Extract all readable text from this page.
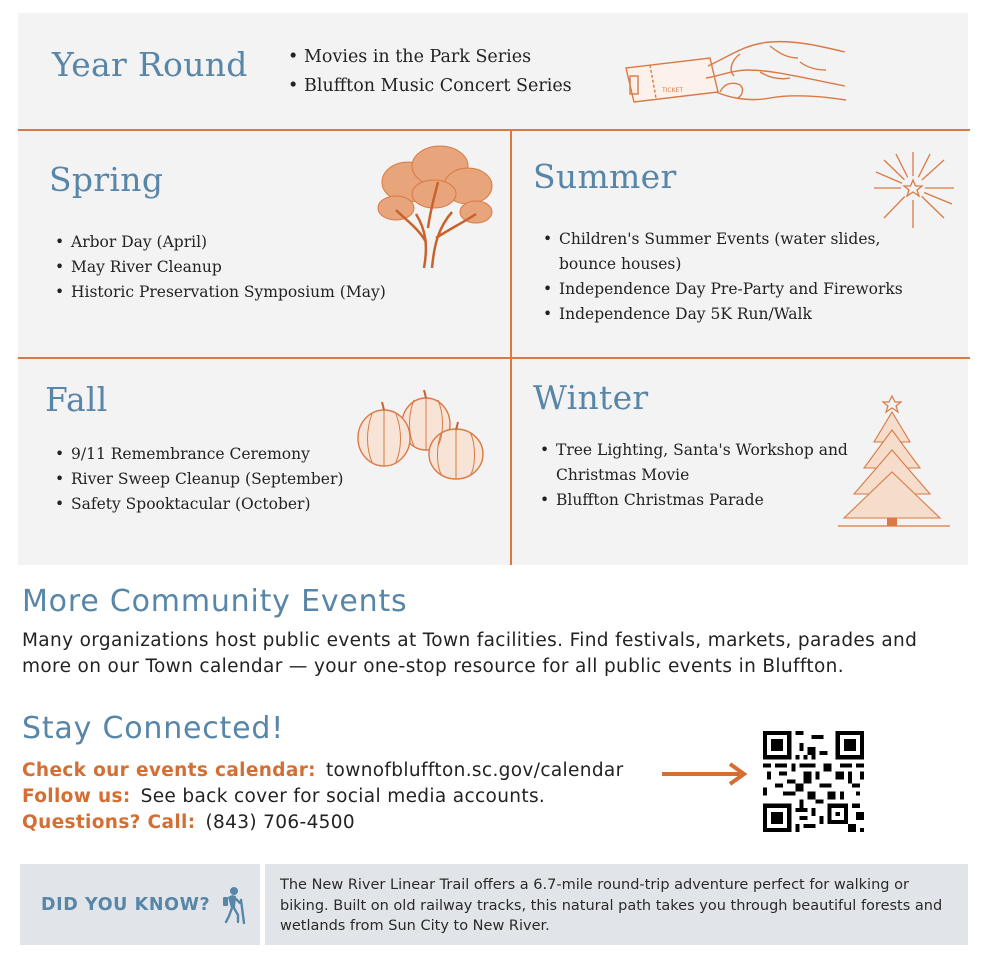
Year Round
•	Movies in the Park Series
• Bluffton Music Concert Series	TICKET
Spring
• Arbor Day (April)
• May River Cleanup
• Historic Preservation Symposium (May)
Summer
• Children's Summer Events (water slides, bounce houses)
• Independence Day Pre-Party and Fireworks
• Independence Day 5K Run/Walk
Fall
• 9/11 Remembrance Ceremony
• River Sweep Cleanup (September)
• Safety Spooktacular (October)
Winter
• Tree Lighting, Santa's Workshop and Christmas Movie
• Bluffton Christmas Parade
More Community Events
Many organizations host public events at Town facilities. Find festivals, markets, parades and more on our Town calendar — your one-stop resource for all public events in Bluffton.
Stay Connected!
Check our events calendar: townofbluffton.sc.gov/calendar
Follow us: See back cover for social media accounts.
Questions? Call: (843) 706-4500
DID YOU KNOW?
The New River Linear Trail offers a 6.7-mile round-trip adventure perfect for walking or biking. Built on old railway tracks, this natural path takes you through beautiful forests and wetlands from Sun City to New River.
